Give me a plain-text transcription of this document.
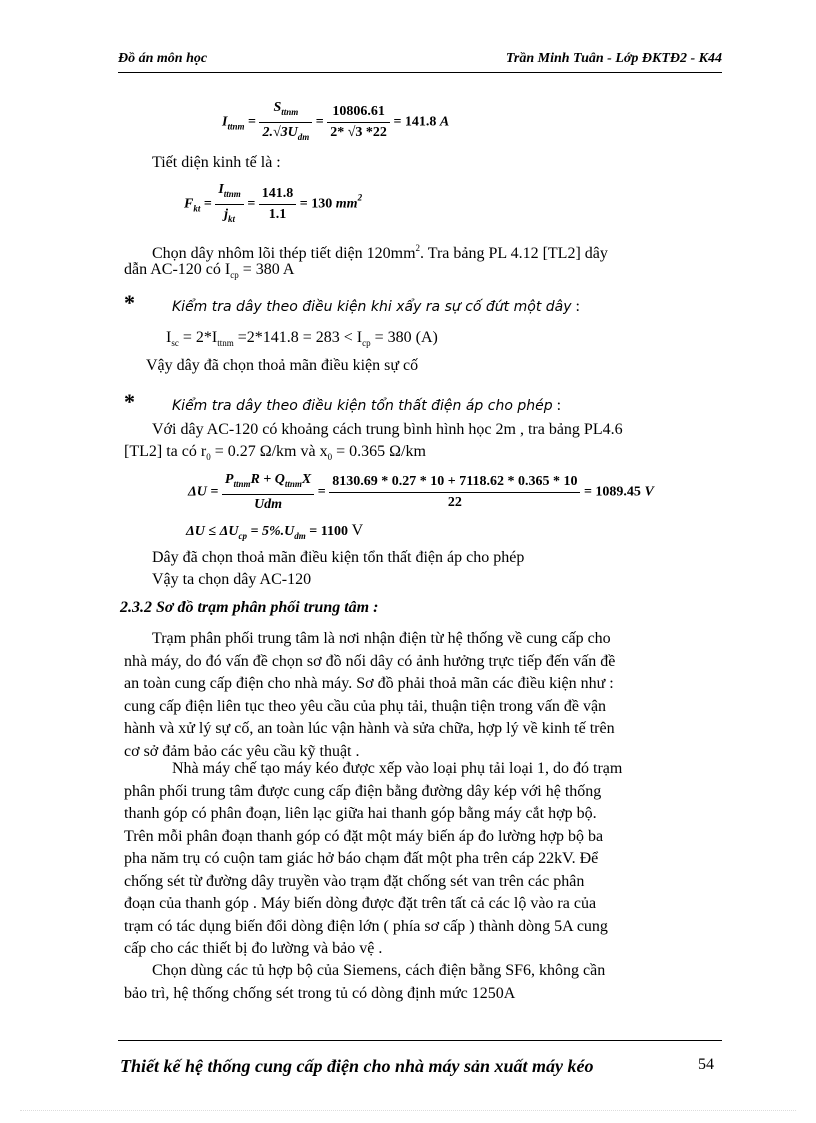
Đồ án môn học	Trần Minh Tuân - Lớp ĐKTĐ2 - K44
$I_{ttnm} = \frac{S_{ttnm}}{2.√3U_{dm}} = \frac{10806.61}{2* √3 *22} = 141.8$ A
Tiết diện kinh tế là :
$F_{kt} = \frac{I_{ttnm}}{j_{kt}} = \frac{141.8}{1.1} = 130$ $mm^2$
Chọn dây nhôm lõi thép tiết diện $120mm^2$. Tra bảng PL 4.12 [TL2] dây
dẫn AC-120 có $I_{cp} = 380$ A
*	Kiểm tra dây theo điều kiện khi xẩy ra sự cố đứt một dây :
$I_{sc} = 2*I_{ttnm} =2*141.8 = 283 < I_{cp} = 380$ (A)
Vậy dây đã chọn thoả mãn điều kiện sự cố
*	Kiểm tra dây theo điều kiện tổn thất điện áp cho phép :
Với dây AC-120 có khoảng cách trung bình hình học 2m , tra bảng PL4.6
[TL2] ta có $r_0 = 0.27$ Ω/km và $x_0 = 0.365$ Ω/km
$\Delta U = \frac{P_{ttnm}R + Q_{ttnm}X}{\text{Udm}} = \frac{8130.69 * 0.27 * 10 + 7118.62 * 0.365 * 10}{22} = 1089.45$ V
$\Delta U \le \Delta U_{cp} = 5\%.U_{dm} = 1100$ V
Dây đã chọn thoả mãn điều kiện tổn thất điện áp cho phép
Vậy ta chọn dây AC-120
2.3.2 Sơ đồ trạm phân phối trung tâm :
Trạm phân phối trung tâm là nơi nhận điện từ hệ thống về cung cấp cho
nhà máy, do đó vấn đề chọn sơ đồ nối dây có ảnh hưởng trực tiếp đến vấn đề
an toàn cung cấp điện cho nhà máy. Sơ đồ phải thoả mãn các điều kiện như :
cung cấp điện liên tục theo yêu cầu của phụ tải, thuận tiện trong vấn đề vận
hành và xử lý sự cố, an toàn lúc vận hành và sửa chữa, hợp lý về kinh tế trên
cơ sở đảm bảo các yêu cầu kỹ thuật .
Nhà máy chế tạo máy kéo được xếp vào loại phụ tải loại 1, do đó trạm
phân phối trung tâm được cung cấp điện bằng đường dây kép với hệ thống
thanh góp có phân đoạn, liên lạc giữa hai thanh góp bằng máy cắt hợp bộ.
Trên mỗi phân đoạn thanh góp có đặt một máy biến áp đo lường hợp bộ ba
pha năm trụ có cuộn tam giác hở báo chạm đất một pha trên cáp 22kV. Để
chống sét từ đường dây truyền vào trạm đặt chống sét van trên các phân
đoạn của thanh góp . Máy biến dòng được đặt trên tất cả các lộ vào ra của
trạm có tác dụng biến đổi dòng điện lớn ( phía sơ cấp ) thành dòng 5A cung
cấp cho các thiết bị đo lường và bảo vệ .
Chọn dùng các tủ hợp bộ của Siemens, cách điện bằng SF6, không cần
bảo trì, hệ thống chống sét trong tủ có dòng định mức 1250A
Thiết kế hệ thống cung cấp điện cho nhà máy sản xuất máy kéo	54
